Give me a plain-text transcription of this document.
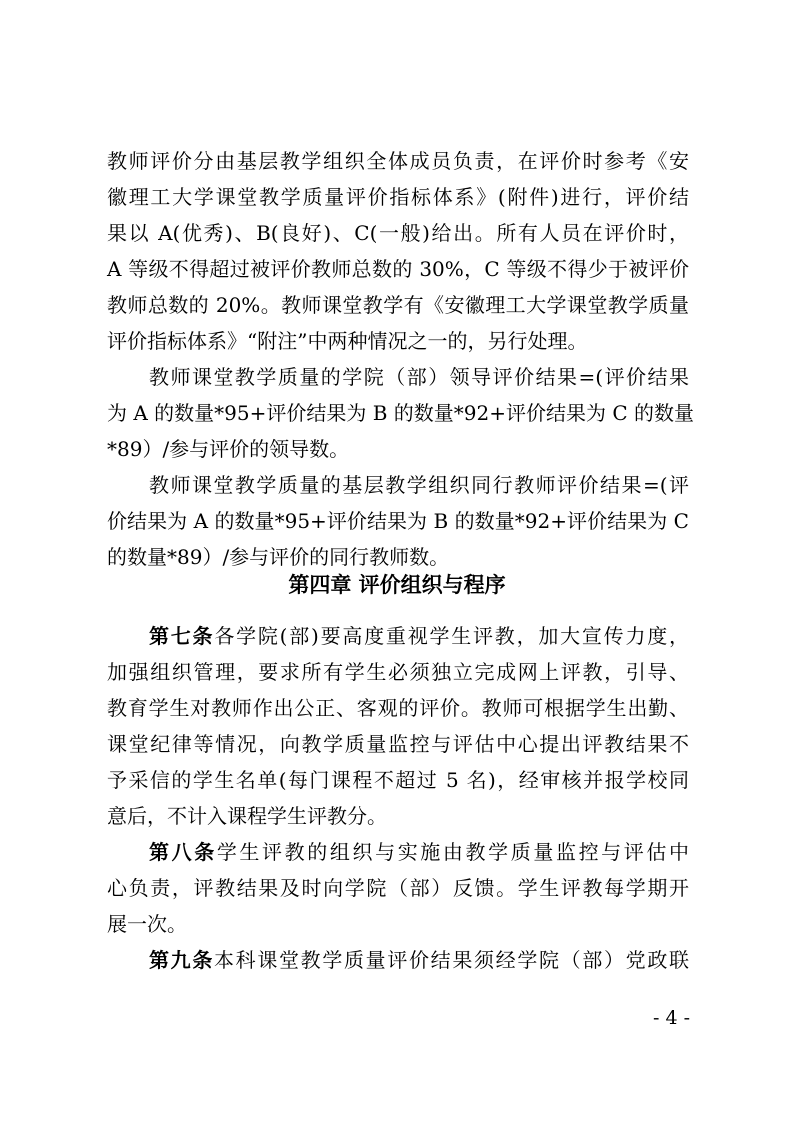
教师评价分由基层教学组织全体成员负责，在评价时参考《安
徽理工大学课堂教学质量评价指标体系》(附件)进行，评价结
果以 A(优秀)、B(良好)、C(一般)给出。所有人员在评价时，
A 等级不得超过被评价教师总数的 30%，C 等级不得少于被评价
教师总数的 20%。教师课堂教学有《安徽理工大学课堂教学质量
评价指标体系》“附注”中两种情况之一的，另行处理。
教师课堂教学质量的学院（部）领导评价结果=(评价结果
为 A 的数量*95+评价结果为 B 的数量*92+评价结果为 C 的数量
*89）/参与评价的领导数。
教师课堂教学质量的基层教学组织同行教师评价结果=(评
价结果为 A 的数量*95+评价结果为 B 的数量*92+评价结果为 C
的数量*89）/参与评价的同行教师数。
第四章 评价组织与程序
第七条各学院(部)要高度重视学生评教，加大宣传力度，
加强组织管理，要求所有学生必须独立完成网上评教，引导、
教育学生对教师作出公正、客观的评价。教师可根据学生出勤、
课堂纪律等情况，向教学质量监控与评估中心提出评教结果不
予采信的学生名单(每门课程不超过 5 名)，经审核并报学校同
意后，不计入课程学生评教分。
第八条学生评教的组织与实施由教学质量监控与评估中
心负责，评教结果及时向学院（部）反馈。学生评教每学期开
展一次。
第九条本科课堂教学质量评价结果须经学院（部）党政联
- 4 -
